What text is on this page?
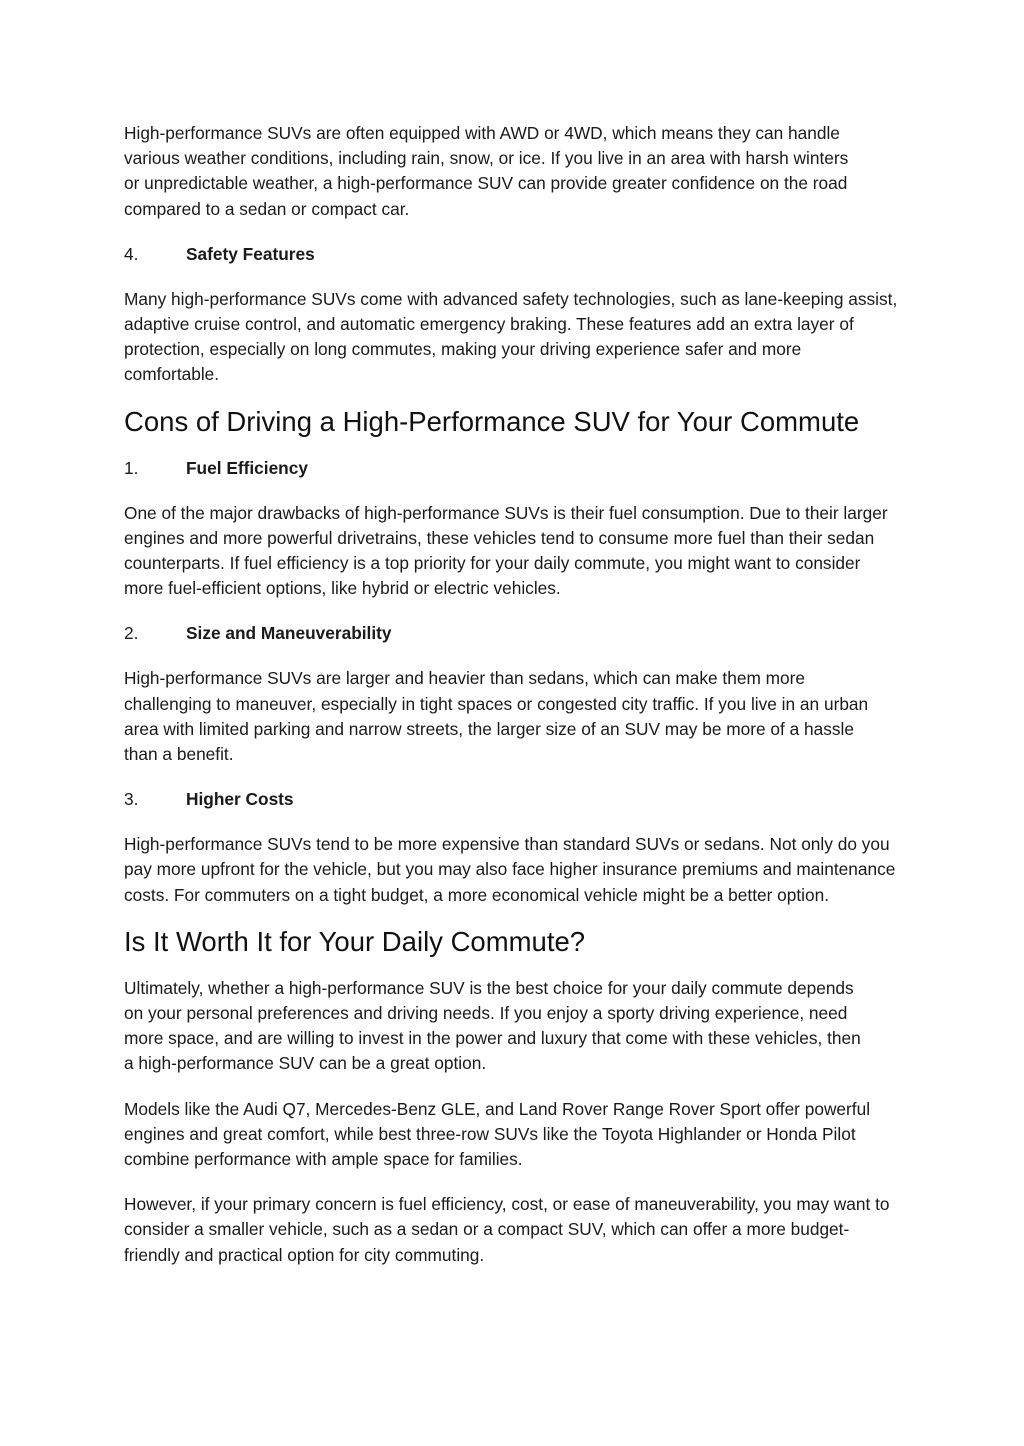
High-performance SUVs are often equipped with AWD or 4WD, which means they can handle various weather conditions, including rain, snow, or ice. If you live in an area with harsh winters or unpredictable weather, a high-performance SUV can provide greater confidence on the road compared to a sedan or compact car.

4.	Safety Features

Many high-performance SUVs come with advanced safety technologies, such as lane-keeping assist, adaptive cruise control, and automatic emergency braking. These features add an extra layer of protection, especially on long commutes, making your driving experience safer and more comfortable.

Cons of Driving a High-Performance SUV for Your Commute
1.	Fuel Efficiency

One of the major drawbacks of high-performance SUVs is their fuel consumption. Due to their larger engines and more powerful drivetrains, these vehicles tend to consume more fuel than their sedan counterparts. If fuel efficiency is a top priority for your daily commute, you might want to consider more fuel-efficient options, like hybrid or electric vehicles.

2.	Size and Maneuverability

High-performance SUVs are larger and heavier than sedans, which can make them more challenging to maneuver, especially in tight spaces or congested city traffic. If you live in an urban area with limited parking and narrow streets, the larger size of an SUV may be more of a hassle than a benefit.

3.	Higher Costs

High-performance SUVs tend to be more expensive than standard SUVs or sedans. Not only do you pay more upfront for the vehicle, but you may also face higher insurance premiums and maintenance costs. For commuters on a tight budget, a more economical vehicle might be a better option.

Is It Worth It for Your Daily Commute?

Ultimately, whether a high-performance SUV is the best choice for your daily commute depends on your personal preferences and driving needs. If you enjoy a sporty driving experience, need more space, and are willing to invest in the power and luxury that come with these vehicles, then a high-performance SUV can be a great option.

Models like the Audi Q7, Mercedes-Benz GLE, and Land Rover Range Rover Sport offer powerful engines and great comfort, while best three-row SUVs like the Toyota Highlander or Honda Pilot combine performance with ample space for families.

However, if your primary concern is fuel efficiency, cost, or ease of maneuverability, you may want to consider a smaller vehicle, such as a sedan or a compact SUV, which can offer a more budget-friendly and practical option for city commuting.
